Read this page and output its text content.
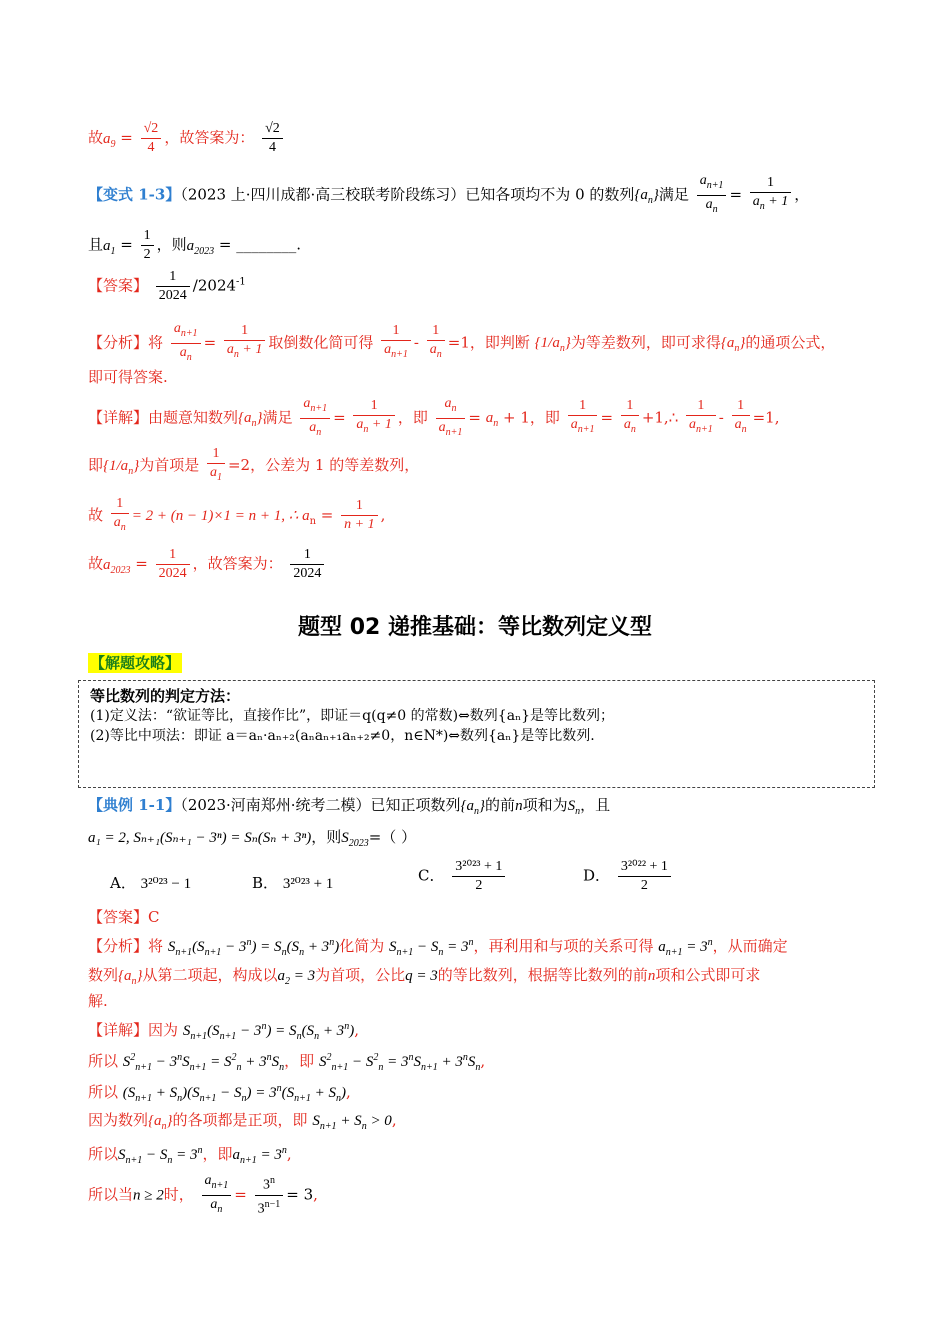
故$a_9 = \frac{√2}{4}$ ，故答案为： $\frac{√2}{4}$
【变式 1-3】（2023 上·四川成都·高三校联考阶段练习）已知各项均不为 0 的数列$\{a_n\}$满足 $\frac{a_{n+1}}{a_n} = \frac{1}{a_n + 1}$ ，
且$a_1 = \frac{1}{2}$ ，则$a_{2023}$ = ________.
【答案】 $\frac{1}{2024} /2024^{-1}$
【分析】将 $\frac{a_{n+1}}{a_n} = \frac{1}{a_n + 1}$ 取倒数化简可得 $\frac{1}{a_{n+1}} - \frac{1}{a_n} =1$，即判断 $\{1/a_n\}$为等差数列，即可求得$\{a_n\}$的通项公式，
即可得答案.
【详解】由题意知数列$\{a_n\}$满足 $\frac{a_{n+1}}{a_n} = \frac{1}{a_n + 1}$ ，即 $\frac{a_n}{a_{n+1}} = a_n + 1$，即 $\frac{1}{a_{n+1}} = \frac{1}{a_n}$ +1,∴ $\frac{1}{a_{n+1}} - \frac{1}{a_n} =1$,
即$\{1/a_n\}$为首项是 $\frac{1}{a_1} =2$，公差为 1 的等差数列，
故 $\frac{1}{a_n} = 2 + (n - 1)\times 1 = n + 1$, ∴ $a_n = \frac{1}{n + 1}$ ,
故$a_{2023} = \frac{1}{2024}$ ，故答案为： $\frac{1}{2024}$
题型 02 递推基础：等比数列定义型
【解题攻略】
等比数列的判定方法：
(1)定义法：“欲证等比，直接作比”，即证＝q(q≠0 的常数)⇔数列{aₙ}是等比数列；
(2)等比中项法：即证 a＝aₙ·aₙ₊₂(aₙaₙ₊₁aₙ₊₂≠0，n∈N*)⇔数列{aₙ}是等比数列.
【典例 1-1】（2023·河南郑州·统考二模）已知正项数列$\{a_n\}$的前n项和为$S_n$，且
a₁ = 2, Sₙ₊₁(Sₙ₊₁ − 3ⁿ) = Sₙ(Sₙ + 3ⁿ)，则$S_{2023}=$（ ）
A． 3²⁰²³ − 1	B． 3²⁰²³ + 1	C． $\frac{\text{3²⁰²³ + 1}}{2}$	D． $\frac{\text{3²⁰²² + 1}}{2}$
【答案】C
【分析】将 $S_{n+1}(S_{n+1} - 3^n) = S_n(S_n + 3^n)$化简为 $S_{n+1} - S_n = 3^n$，再利用和与项的关系可得 $a_{n+1} = 3^n$，从而确定
数列$\{a_n\}$从第二项起，构成以$a_2 = 3$为首项，公比q = 3的等比数列，根据等比数列的前n项和公式即可求
解.
【详解】因为 $S_{n+1}(S_{n+1} - 3^n) = S_n(S_n + 3^n)$,
所以 $S^2_{n+1} - 3^nS_{n+1} = S^2_n + 3^nS_n$，即 $S^2_{n+1} - S^2_n = 3^nS_{n+1} + 3^nS_n$,
所以 $(S_{n+1} + S_n)(S_{n+1} - S_n) = 3^n(S_{n+1} + S_n)$,
因为数列$\{a_n\}$的各项都是正项，即 $S_{n+1} + S_n > 0$,
所以$S_{n+1} - S_n = 3^n$，即$a_{n+1} = 3^n$,
所以当n ≥ 2时， $\frac{a_{n+1}}{a_n} = \frac{3^n}{3^{n-1}} = 3$,
